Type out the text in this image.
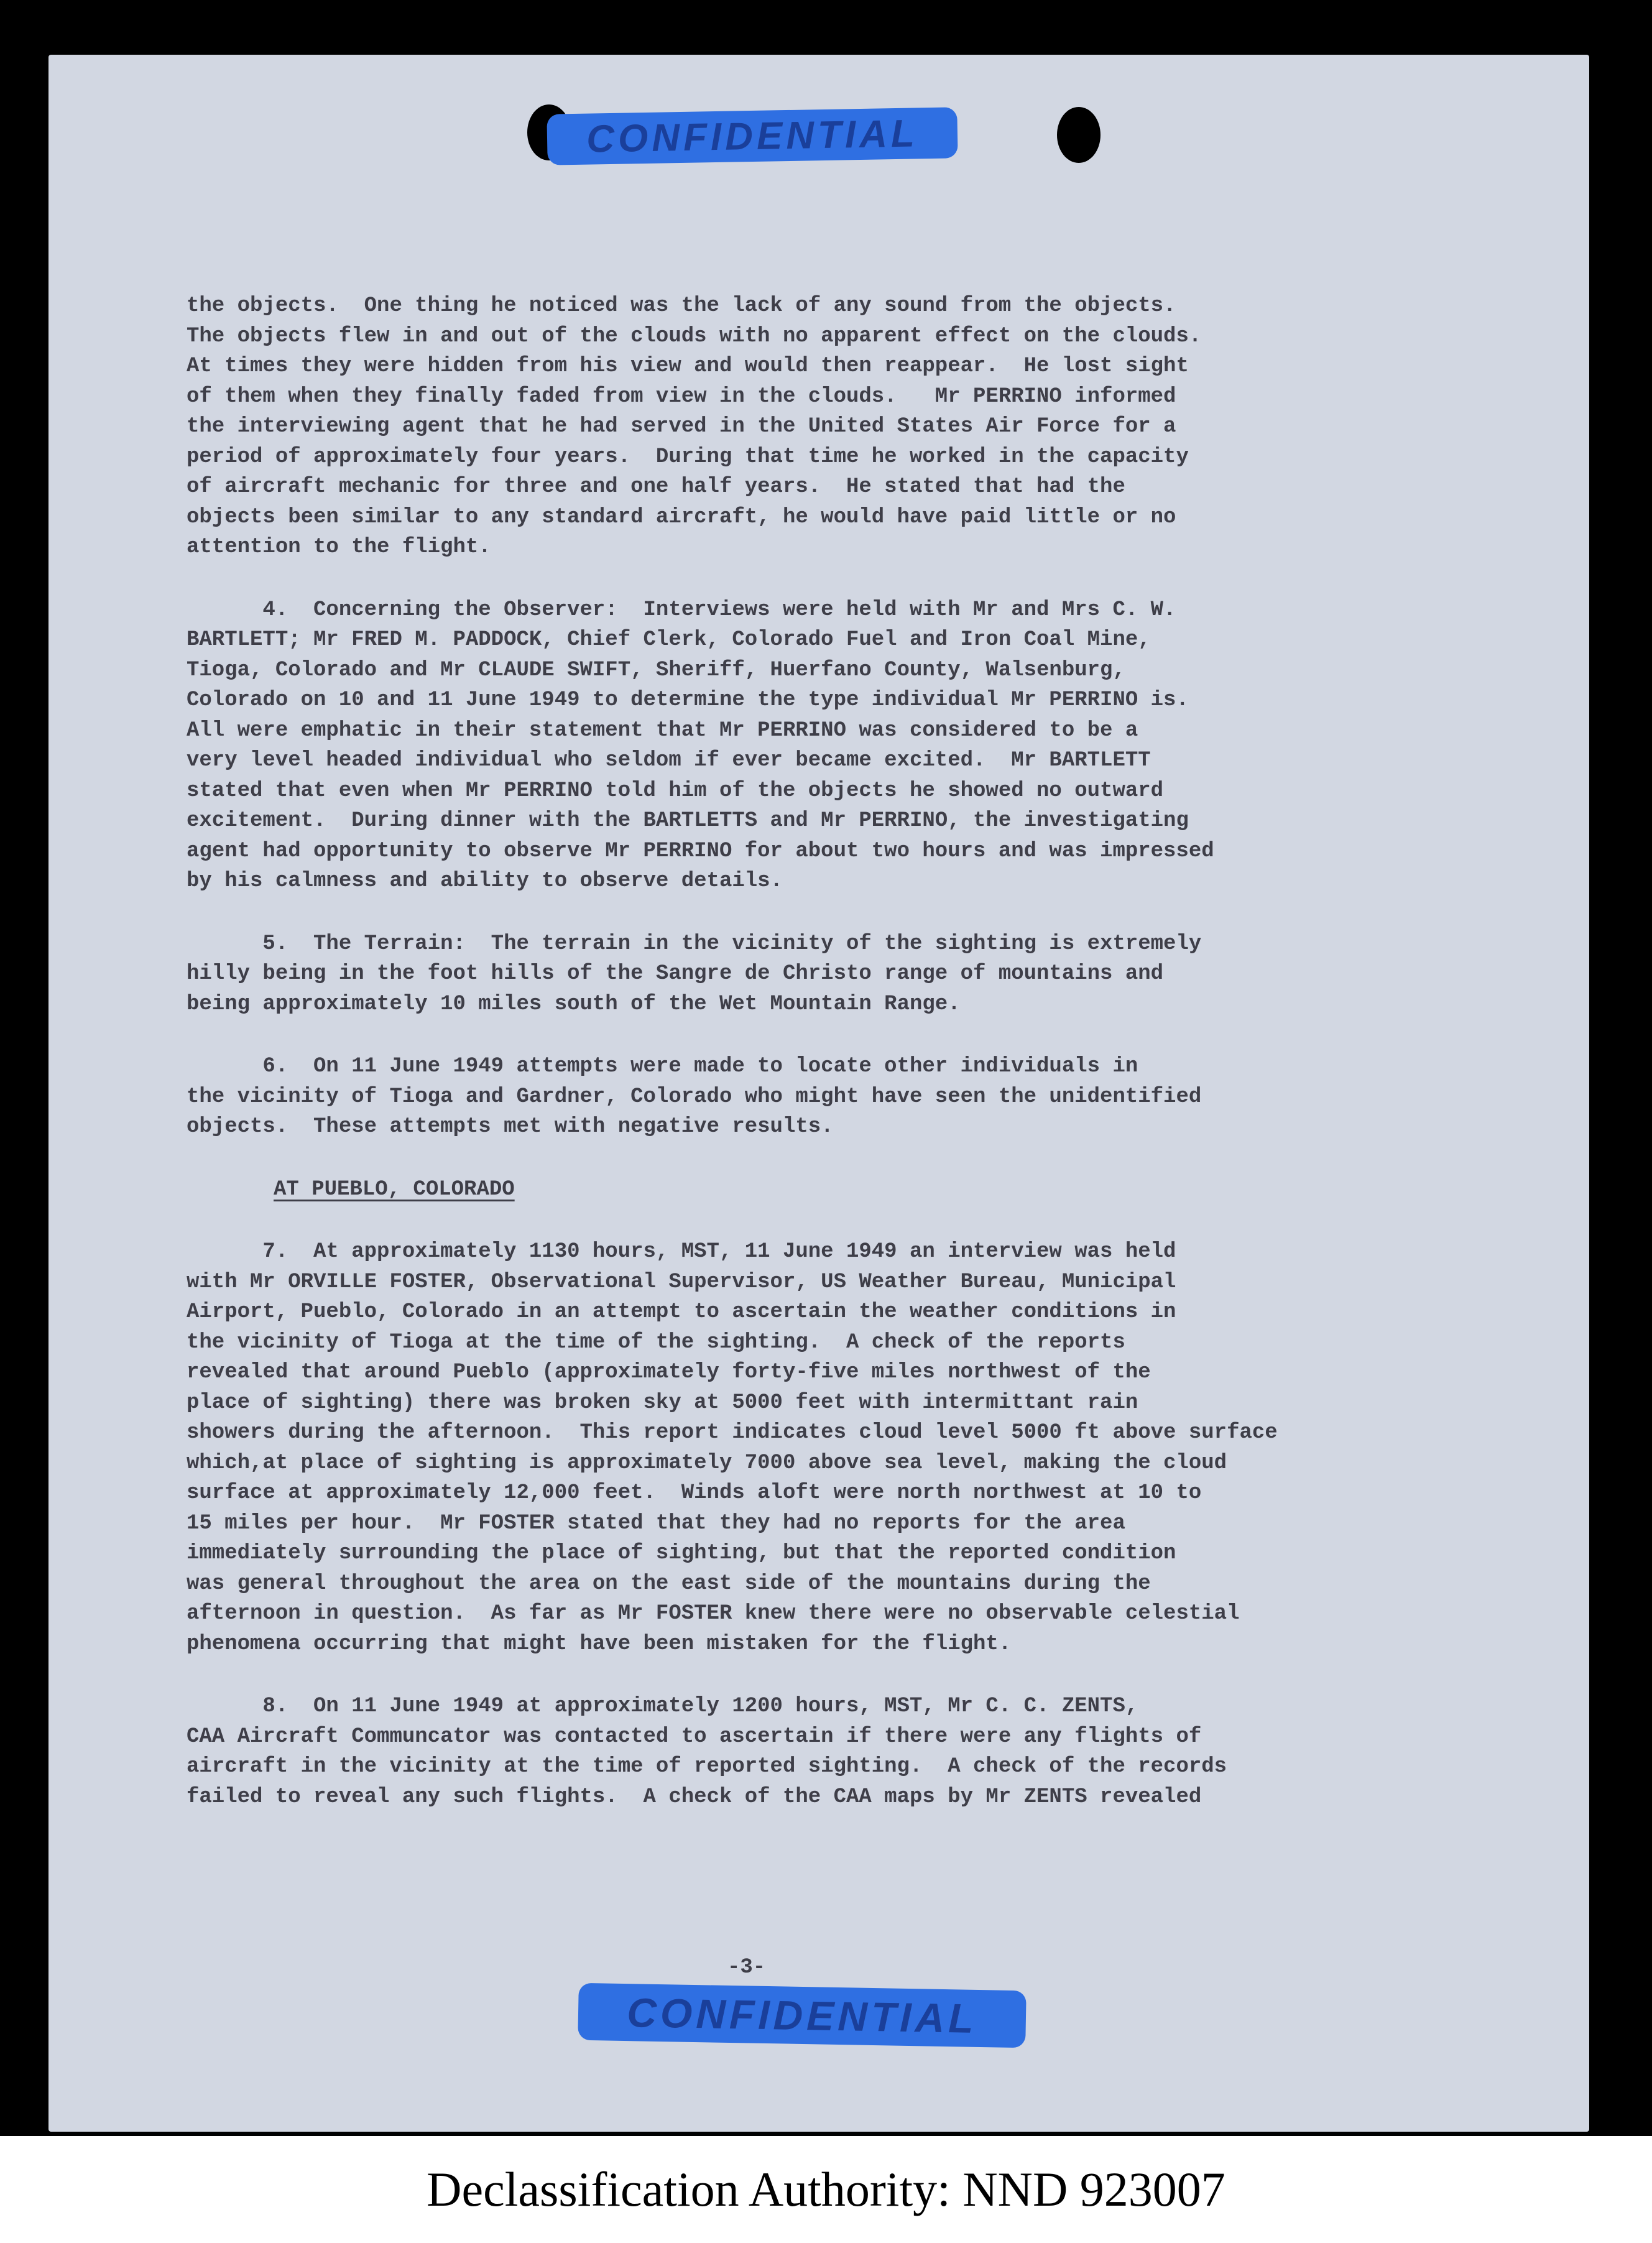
CONFIDENTIAL
the objects.  One thing he noticed was the lack of any sound from the objects.
The objects flew in and out of the clouds with no apparent effect on the clouds.
At times they were hidden from his view and would then reappear.  He lost sight
of them when they finally faded from view in the clouds.   Mr PERRINO informed
the interviewing agent that he had served in the United States Air Force for a
period of approximately four years.  During that time he worked in the capacity
of aircraft mechanic for three and one half years.  He stated that had the
objects been similar to any standard aircraft, he would have paid little or no
attention to the flight.
4.  Concerning the Observer:  Interviews were held with Mr and Mrs C. W.
BARTLETT; Mr FRED M. PADDOCK, Chief Clerk, Colorado Fuel and Iron Coal Mine,
Tioga, Colorado and Mr CLAUDE SWIFT, Sheriff, Huerfano County, Walsenburg,
Colorado on 10 and 11 June 1949 to determine the type individual Mr PERRINO is.
All were emphatic in their statement that Mr PERRINO was considered to be a
very level headed individual who seldom if ever became excited.  Mr BARTLETT
stated that even when Mr PERRINO told him of the objects he showed no outward
excitement.  During dinner with the BARTLETTS and Mr PERRINO, the investigating
agent had opportunity to observe Mr PERRINO for about two hours and was impressed
by his calmness and ability to observe details.
5.  The Terrain:  The terrain in the vicinity of the sighting is extremely
hilly being in the foot hills of the Sangre de Christo range of mountains and
being approximately 10 miles south of the Wet Mountain Range.
6.  On 11 June 1949 attempts were made to locate other individuals in
the vicinity of Tioga and Gardner, Colorado who might have seen the unidentified
objects.  These attempts met with negative results.
AT PUEBLO, COLORADO
7.  At approximately 1130 hours, MST, 11 June 1949 an interview was held
with Mr ORVILLE FOSTER, Observational Supervisor, US Weather Bureau, Municipal
Airport, Pueblo, Colorado in an attempt to ascertain the weather conditions in
the vicinity of Tioga at the time of the sighting.  A check of the reports
revealed that around Pueblo (approximately forty-five miles northwest of the
place of sighting) there was broken sky at 5000 feet with intermittant rain
showers during the afternoon.  This report indicates cloud level 5000 ft above surface
which,at place of sighting is approximately 7000 above sea level, making the cloud
surface at approximately 12,000 feet.  Winds aloft were north northwest at 10 to
15 miles per hour.  Mr FOSTER stated that they had no reports for the area
immediately surrounding the place of sighting, but that the reported condition
was general throughout the area on the east side of the mountains during the
afternoon in question.  As far as Mr FOSTER knew there were no observable celestial
phenomena occurring that might have been mistaken for the flight.
8.  On 11 June 1949 at approximately 1200 hours, MST, Mr C. C. ZENTS,
CAA Aircraft Communcator was contacted to ascertain if there were any flights of
aircraft in the vicinity at the time of reported sighting.  A check of the records
failed to reveal any such flights.  A check of the CAA maps by Mr ZENTS revealed
-3-
CONFIDENTIAL
Declassification Authority: NND 923007
